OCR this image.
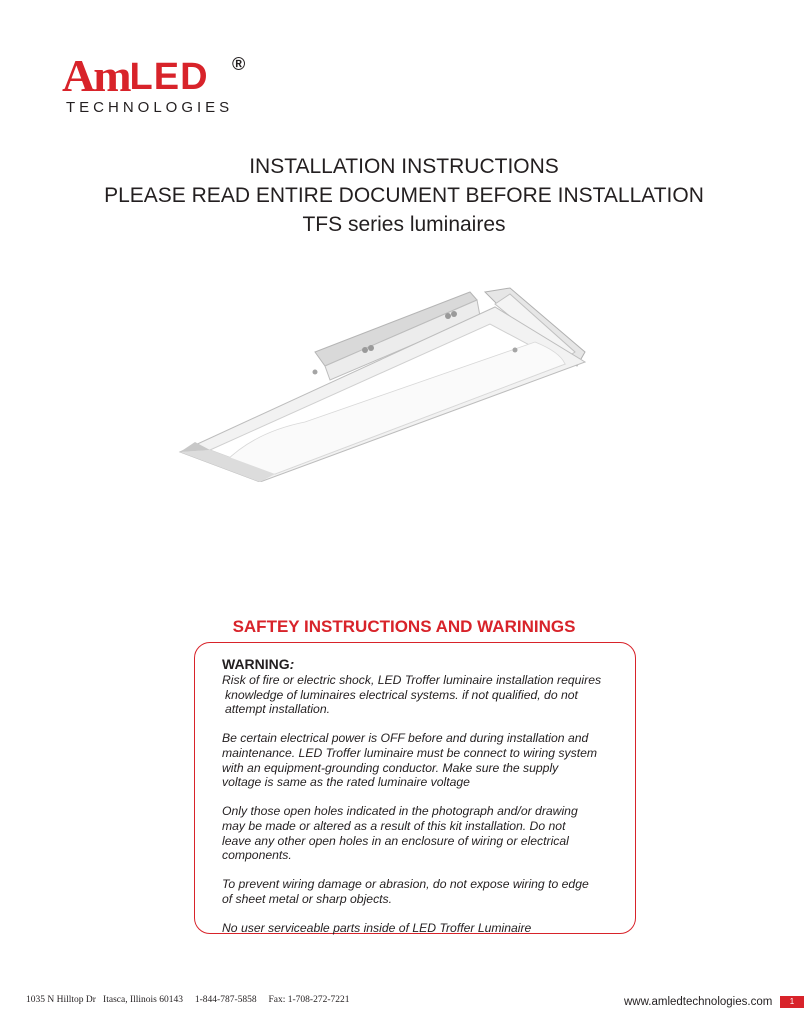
AmLED ®
TECHNOLOGIES
INSTALLATION INSTRUCTIONS
PLEASE READ ENTIRE DOCUMENT BEFORE INSTALLATION
TFS series luminaires
SAFTEY INSTRUCTIONS AND WARININGS
WARNING:
Risk of fire or electric shock, LED Troffer luminaire installation requires
knowledge of luminaires electrical systems. if not qualified, do not
attempt installation.
Be certain electrical power is OFF before and during installation and
maintenance. LED Troffer luminaire must be connect to wiring system
with an equipment-grounding conductor. Make sure the supply
voltage is same as the rated luminaire voltage
Only those open holes indicated in the photograph and/or drawing
may be made or altered as a result of this kit installation. Do not
leave any other open holes in an enclosure of wiring or electrical
components.
To prevent wiring damage or abrasion, do not expose wiring to edge
of sheet metal or sharp objects.
No user serviceable parts inside of LED Troffer Luminaire
1035 N Hilltop Dr   Itasca, Illinois 60143     1-844-787-5858     Fax: 1-708-272-7221	www.amledtechnologies.com	1
